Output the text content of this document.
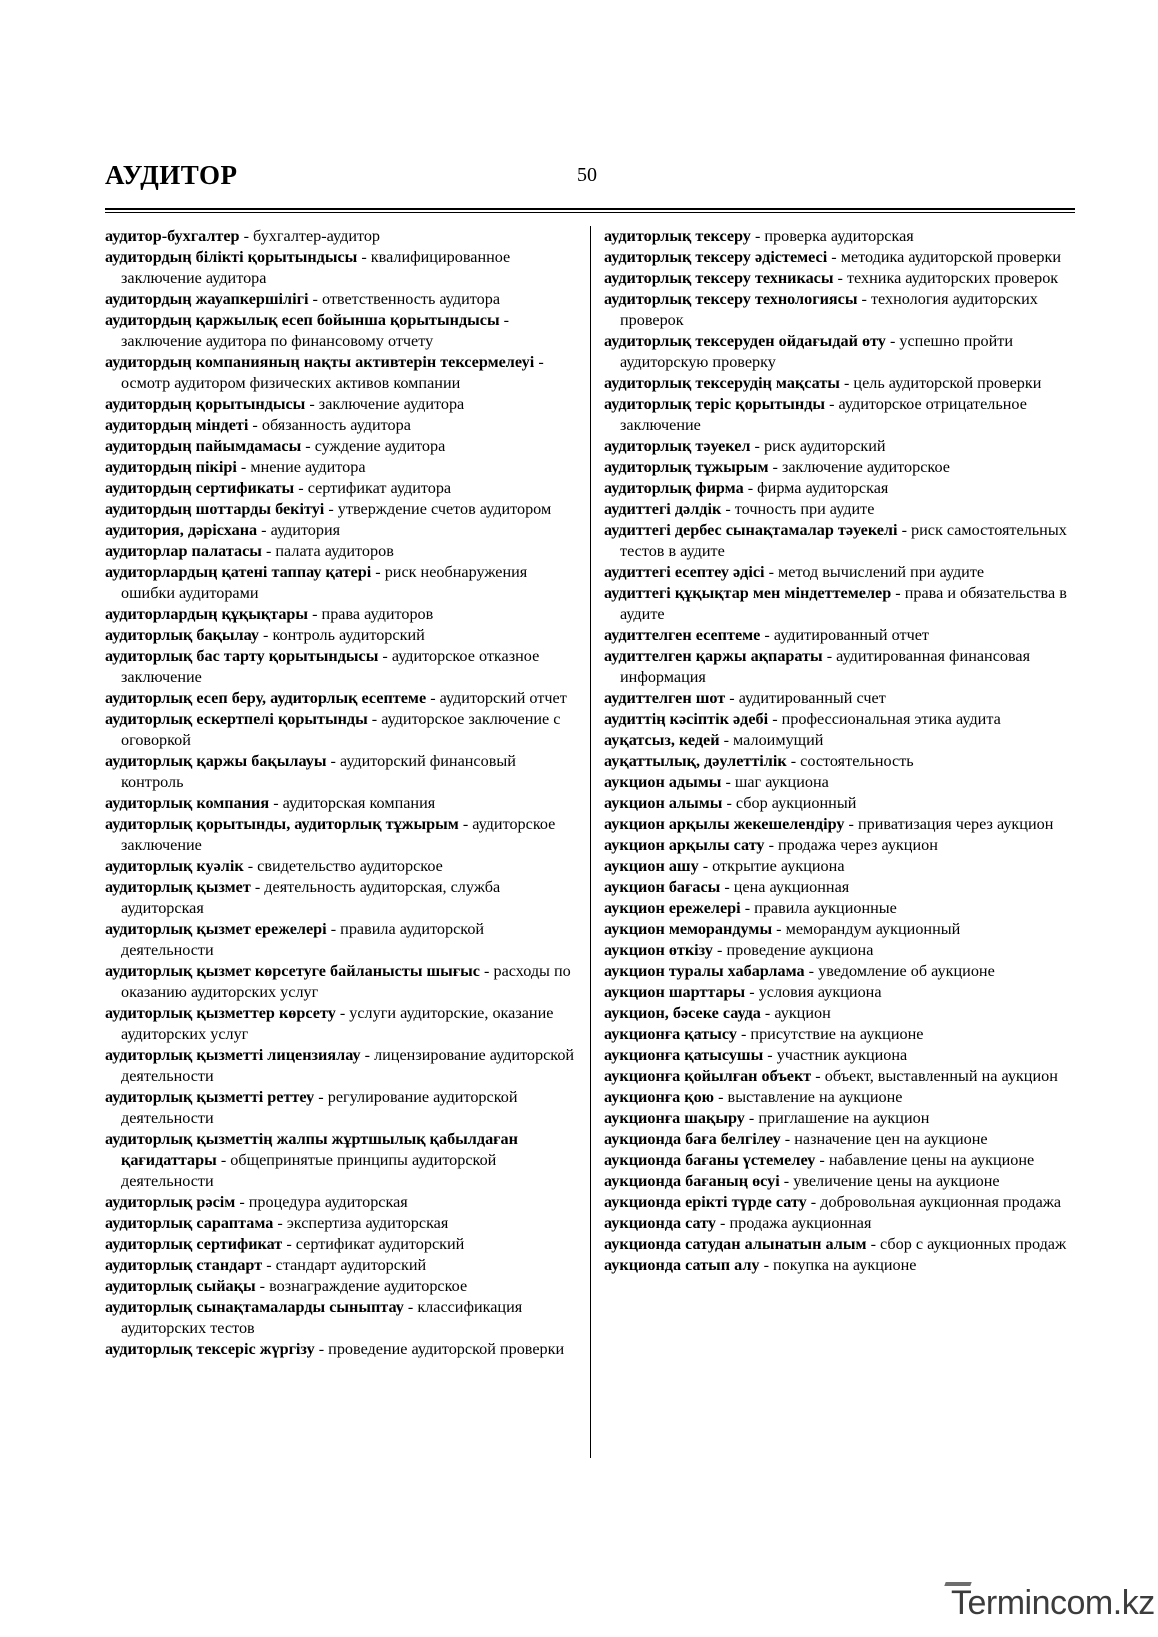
АУДИТОР	50

аудитор-бухгалтер - бухгалтер-аудитор

аудитордың білікті қорытындысы - квалифицированное заключение аудитора

аудитордың жауапкершілігі - ответственность аудитора

аудитордың қаржылық есеп бойынша қорытындысы - заключение аудитора по финансовому отчету

аудитордың компанияның нақты активтерін тексермелеуі - осмотр аудитором физических активов компании

аудитордың қорытындысы - заключение аудитора

аудитордың міндеті - обязанность аудитора

аудитордың пайымдамасы - суждение аудитора

аудитордың пікірі - мнение аудитора

аудитордың сертификаты - сертификат аудитора

аудитордың шоттарды бекітуі - утверждение счетов аудитором

аудитория, дәрісхана - аудитория

аудиторлар палатасы - палата аудиторов

аудиторлардың қатені таппау қатері - риск необнаружения ошибки аудиторами

аудиторлардың құқықтары - права аудиторов

аудиторлық бақылау - контроль аудиторский

аудиторлық бас тарту қорытындысы - аудиторское отказное заключение

аудиторлық есеп беру, аудиторлық есептеме - аудиторский отчет

аудиторлық ескертпелі қорытынды - аудиторское заключение с оговоркой

аудиторлық қаржы бақылауы - аудиторский финансовый контроль

аудиторлық компания - аудиторская компания

аудиторлық қорытынды, аудиторлық тұжырым - аудиторское заключение

аудиторлық куәлік - свидетельство аудиторское

аудиторлық қызмет - деятельность аудиторская, служба аудиторская

аудиторлық қызмет ережелері - правила аудиторской деятельности

аудиторлық қызмет көрсетуге байланысты шығыс - расходы по оказанию аудиторских услуг

аудиторлық қызметтер көрсету - услуги аудиторские, оказание аудиторских услуг

аудиторлық қызметті лицензиялау - лицензирование аудиторской деятельности

аудиторлық қызметті реттеу - регулирование аудиторской деятельности

аудиторлық қызметтің жалпы жұртшылық қабылдаған қағидаттары - общепринятые принципы аудиторской деятельности

аудиторлық рәсім - процедура аудиторская

аудиторлық сараптама - экспертиза аудиторская

аудиторлық сертификат - сертификат аудиторский

аудиторлық стандарт - стандарт аудиторский

аудиторлық сыйақы - вознаграждение аудиторское

аудиторлық сынақтамаларды сыныптау - классификация аудиторских тестов

аудиторлық тексеріс жүргізу - проведение аудиторской проверки

аудиторлық тексеру - проверка аудиторская

аудиторлық тексеру әдістемесі - методика аудиторской проверки

аудиторлық тексеру техникасы - техника аудиторских проверок

аудиторлық тексеру технологиясы - технология аудиторских проверок

аудиторлық тексеруден ойдағыдай өту - успешно пройти аудиторскую проверку

аудиторлық тексерудің мақсаты - цель аудиторской проверки

аудиторлық теріс қорытынды - аудиторское отрицательное заключение

аудиторлық тәуекел - риск аудиторский

аудиторлық тұжырым - заключение аудиторское

аудиторлық фирма - фирма аудиторская

аудиттегі дәлдік - точность при аудите

аудиттегі дербес сынақтамалар тәуекелі - риск самостоятельных тестов в аудите

аудиттегі есептеу әдісі - метод вычислений при аудите

аудиттегі құқықтар мен міндеттемелер - права и обязательства в аудите

аудиттелген есептеме - аудитированный отчет

аудиттелген қаржы ақпараты - аудитированная финансовая информация

аудиттелген шот - аудитированный счет

аудиттің кәсіптік әдебі - профессиональная этика аудита

ауқатсыз, кедей - малоимущий

ауқаттылық, дәулеттілік - состоятельность

аукцион адымы - шаг аукциона

аукцион алымы - сбор аукционный

аукцион арқылы жекешелендіру - приватизация через аукцион

аукцион арқылы сату - продажа через аукцион

аукцион ашу - открытие аукциона

аукцион бағасы - цена аукционная

аукцион ережелері - правила аукционные

аукцион меморандумы - меморандум аукционный

аукцион өткізу - проведение аукциона

аукцион туралы хабарлама - уведомление об аукционе

аукцион шарттары - условия аукциона

аукцион, бәсеке сауда - аукцион

аукционға қатысу - присутствие на аукционе

аукционға қатысушы - участник аукциона

аукционға қойылған объект - объект, выставленный на аукцион

аукционға қою - выставление на аукционе

аукционға шақыру - приглашение на аукцион

аукционда баға белгілеу - назначение цен на аукционе

аукционда бағаны үстемелеу - набавление цены на аукционе

аукционда бағаның өсуі - увеличение цены на аукционе

аукционда ерікті түрде сату - добровольная аукционная продажа

аукционда сату - продажа аукционная

аукционда сатудан алынатын алым - сбор с аукционных продаж

аукционда сатып алу - покупка на аукционе

Termincom.kz
